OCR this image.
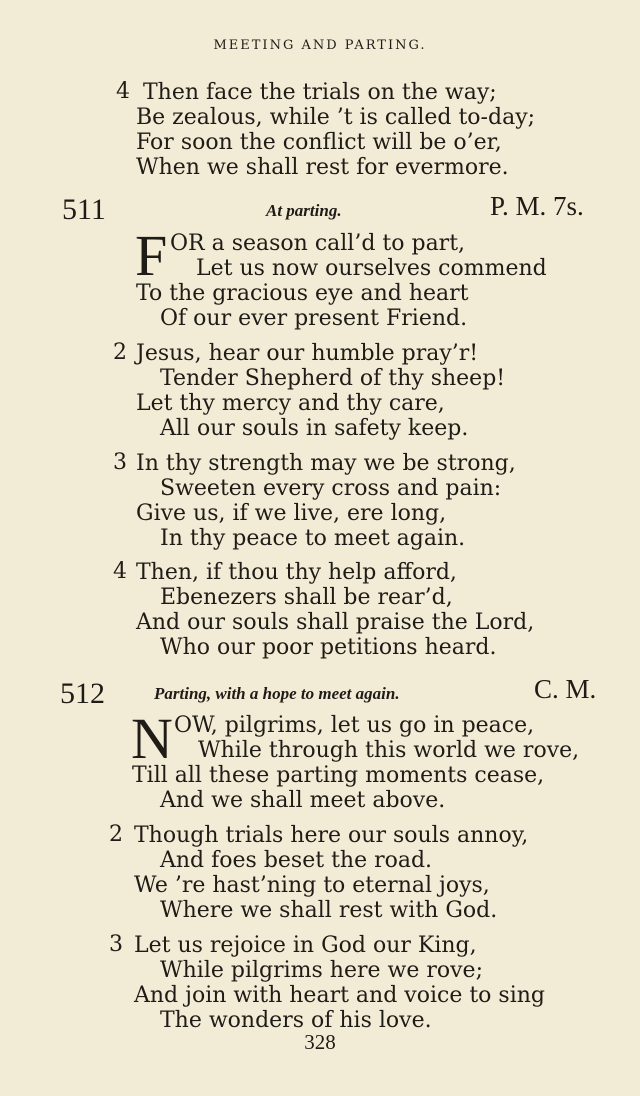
MEETING AND PARTING.
4 Then face the trials on the way;
Be zealous, while ’t is called to-day;
For soon the conflict will be o’er,
When we shall rest for evermore.
511	At parting.	P. M. 7s.
F OR a season call’d to part,
Let us now ourselves commend
To the gracious eye and heart
Of our ever present Friend.
2 Jesus, hear our humble pray’r!
Tender Shepherd of thy sheep!
Let thy mercy and thy care,
All our souls in safety keep.
3 In thy strength may we be strong,
Sweeten every cross and pain:
Give us, if we live, ere long,
In thy peace to meet again.
4 Then, if thou thy help afford,
Ebenezers shall be rear’d,
And our souls shall praise the Lord,
Who our poor petitions heard.
512	Parting, with a hope to meet again.	C. M.
N OW, pilgrims, let us go in peace,
While through this world we rove,
Till all these parting moments cease,
And we shall meet above.
2 Though trials here our souls annoy,
And foes beset the road.
We ’re hast’ning to eternal joys,
Where we shall rest with God.
3 Let us rejoice in God our King,
While pilgrims here we rove;
And join with heart and voice to sing
The wonders of his love.
328
